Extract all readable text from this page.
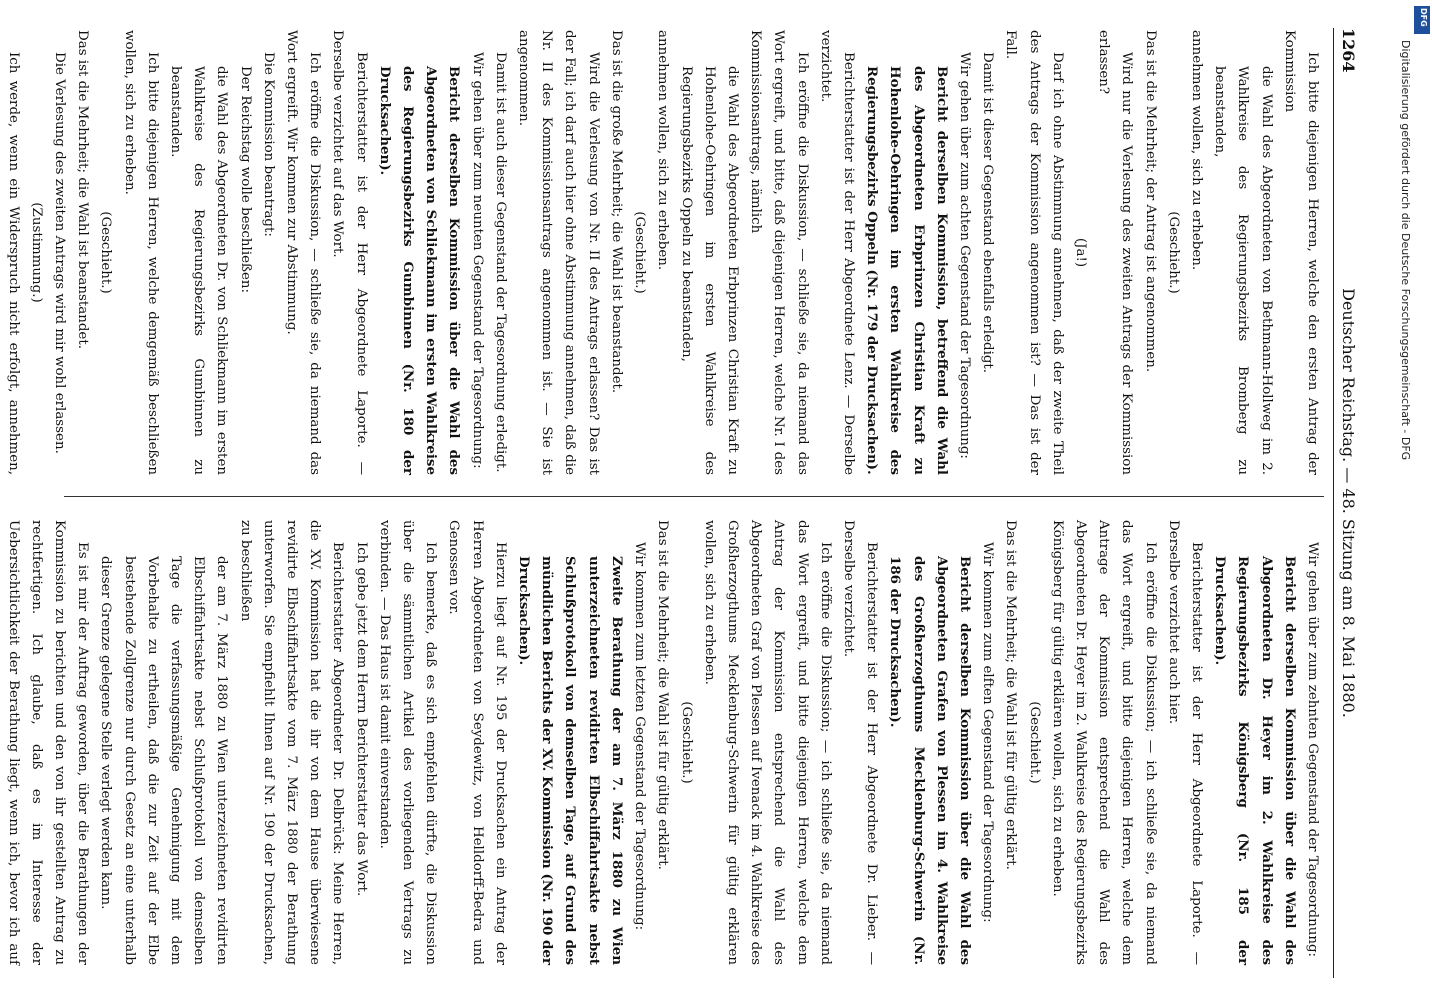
1264
Deutscher Reichstag. — 48. Sitzung am 8. Mai 1880.

Ich bitte diejenigen Herren, welche den ersten Antrag der Kommission

die Wahl des Abgeordneten von Bethmann-Hollweg im 2. Wahlkreise des Regierungsbezirks Bromberg zu beanstanden,

annehmen wollen, sich zu erheben.

(Geschieht.)

Das ist die Mehrheit; der Antrag ist angenommen.

Wird nur die Verlesung des zweiten Antrags der Kommission erlassen?

(Ja!)

Darf ich ohne Abstimmung annehmen, daß der zweite Theil des Antrags der Kommission angenommen ist? — Das ist der Fall.

Damit ist dieser Gegenstand ebenfalls erledigt.

Wir gehen über zum achten Gegenstand der Tagesordnung:

Bericht derselben Kommission, betreffend die Wahl des Abgeordneten Erbprinzen Christian Kraft zu Hohenlohe-Oehringen im ersten Wahlkreise des Regierungsbezirks Oppeln (Nr. 179 der Drucksachen).

Berichterstatter ist der Herr Abgeordnete Lenz. — Derselbe verzichtet.

Ich eröffne die Diskussion, — schließe sie, da niemand das Wort ergreift, und bitte, daß diejenigen Herren, welche Nr. I des Kommissionsantrags, nämlich

die Wahl des Abgeordneten Erbprinzen Christian Kraft zu Hohenlohe-Oehringen im ersten Wahlkreise des Regierungsbezirks Oppeln zu beanstanden,

annehmen wollen, sich zu erheben.

(Geschieht.)

Das ist die große Mehrheit; die Wahl ist beanstandet.

Wird die Verlesung von Nr. II des Antrags erlassen? Das ist der Fall; ich darf auch hier ohne Abstimmung annehmen, daß die Nr. II des Kommissionsantrags angenommen ist. — Sie ist angenommen.

Damit ist auch dieser Gegenstand der Tagesordnung erledigt.

Wir gehen über zum neunten Gegenstand der Tagesordnung:

Bericht derselben Kommission über die Wahl des Abgeordneten von Schliekmann im ersten Wahlkreise des Regierungsbezirks Gumbinnen (Nr. 180 der Drucksachen).

Berichterstatter ist der Herr Abgeordnete Laporte. — Derselbe verzichtet auf das Wort.

Ich eröffne die Diskussion, — schließe sie, da niemand das Wort ergreift. Wir kommen zur Abstimmung.

Die Kommission beantragt:

Der Reichstag wolle beschließen:

die Wahl des Abgeordneten Dr. von Schliekmann im ersten Wahlkreise des Regierungsbezirks Gumbinnen zu beanstanden.

Ich bitte diejenigen Herren, welche demgemäß beschließen wollen, sich zu erheben.

(Geschieht.)

Das ist die Mehrheit; die Wahl ist beanstandet.

Die Verlesung des zweiten Antrags wird mir wohl erlassen.

(Zustimmung.)

Ich werde, wenn ein Widerspruch nicht erfolgt, annehmen,

Wir gehen über zum zehnten Gegenstand der Tagesordnung:

Bericht derselben Kommission über die Wahl des Abgeordneten Dr. Heyer im 2. Wahlkreise des Regierungsbezirks Königsberg (Nr. 185 der Drucksachen).

Berichterstatter ist der Herr Abgeordnete Laporte. — Derselbe verzichtet auch hier.

Ich eröffne die Diskussion; — ich schließe sie, da niemand das Wort ergreift, und bitte diejenigen Herren, welche dem Antrage der Kommission entsprechend die Wahl des Abgeordneten Dr. Heyer im 2. Wahlkreise des Regierungsbezirks Königsberg für gültig erklären wollen, sich zu erheben.

(Geschieht.)

Das ist die Mehrheit; die Wahl ist für gültig erklärt.

Wir kommen zum elften Gegenstand der Tagesordnung:

Bericht derselben Kommission über die Wahl des Abgeordneten Grafen von Plessen im 4. Wahlkreise des Großherzogthums Mecklenburg-Schwerin (Nr. 186 der Drucksachen).

Berichterstatter ist der Herr Abgeordnete Dr. Lieber. — Derselbe verzichtet.

Ich eröffne die Diskussion; — ich schließe sie, da niemand das Wort ergreift, und bitte diejenigen Herren, welche dem Antrag der Kommission entsprechend die Wahl des Abgeordneten Graf von Plessen auf Ivenack im 4. Wahlkreise des Großherzogthums Mecklenburg-Schwerin für gültig erklären wollen, sich zu erheben.

(Geschieht.)

Das ist die Mehrheit; die Wahl ist für gültig erklärt.

Wir kommen zum letzten Gegenstand der Tagesordnung:

Zweite Berathung der am 7. März 1880 zu Wien unterzeichneten revidirten Elbschiffahrtsakte nebst Schlußprotokoll von demselben Tage, auf Grund des mündlichen Berichts der XV. Kommission (Nr. 190 der Drucksachen).

Hierzu liegt auf Nr. 195 der Drucksachen ein Antrag der Herren Abgeordneten von Seydewitz, von Helldorff-Bedra und Genossen vor.

Ich bemerke, daß es sich empfehlen dürfte, die Diskussion über die sämmtlichen Artikel des vorliegenden Vertrags zu verbinden. — Das Haus ist damit einverstanden.

Ich gebe jetzt dem Herrn Berichterstatter das Wort.

Berichterstatter Abgeordneter Dr. Delbrück: Meine Herren, die XV. Kommission hat die ihr von dem Hause überwiesene revidirte Elbschiffahrtsakte vom 7. März 1880 der Berathung unterworfen. Sie empfiehlt Ihnen auf Nr. 190 der Drucksachen, zu beschließen

der am 7. März 1880 zu Wien unterzeichneten revidirten Elbschiffahrtsakte nebst Schlußprotokoll von demselben Tage die verfassungsmäßige Genehmigung mit dem Vorbehalte zu ertheilen, daß die zur Zeit auf der Elbe bestehende Zollgrenze nur durch Gesetz an eine unterhalb dieser Grenze gelegene Stelle verlegt werden kann.

Es ist mir der Auftrag geworden, über die Berathungen der Kommission zu berichten und den von ihr gestellten Antrag zu rechtfertigen. Ich glaube, daß es im Interesse der Uebersichtlichkeit der Berathung liegt, wenn ich, bevor ich auf

Digitalisierung gefördert durch die Deutsche Forschungsgemeinschaft - DFG
DFG
